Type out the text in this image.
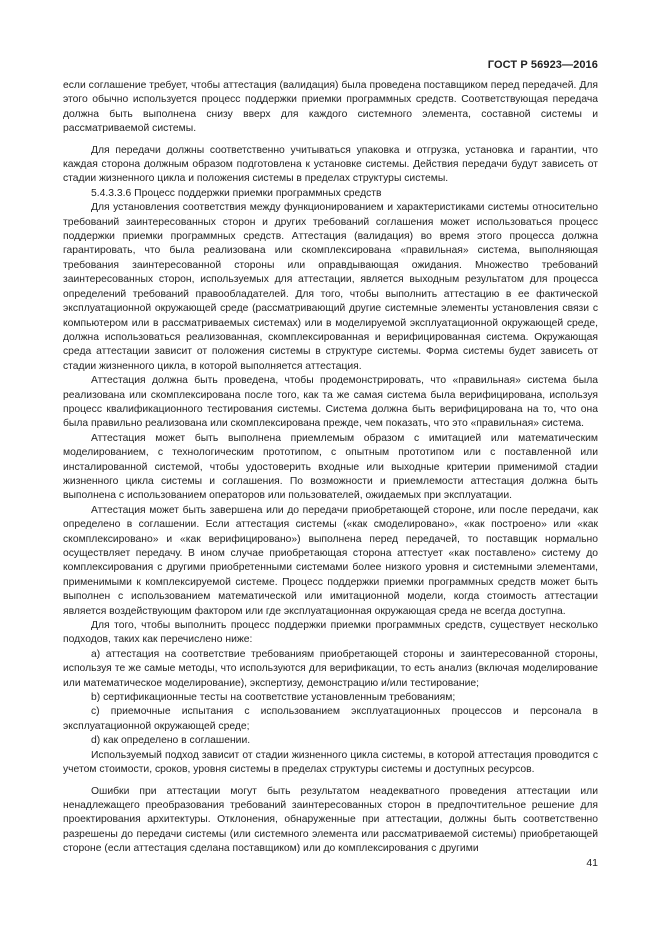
ГОСТ Р 56923—2016

если соглашение требует, чтобы аттестация (валидация) была проведена поставщиком перед передачей. Для этого обычно используется процесс поддержки приемки программных средств. Соответствующая передача должна быть выполнена снизу вверх для каждого системного элемента, составной системы и рассматриваемой системы.

Для передачи должны соответственно учитываться упаковка и отгрузка, установка и гарантии, что каждая сторона должным образом подготовлена к установке системы. Действия передачи будут зависеть от стадии жизненного цикла и положения системы в пределах структуры системы.

5.4.3.3.6 Процесс поддержки приемки программных средств

Для установления соответствия между функционированием и характеристиками системы относительно требований заинтересованных сторон и других требований соглашения может использоваться процесс поддержки приемки программных средств. Аттестация (валидация) во время этого процесса должна гарантировать, что была реализована или скомплексирована «правильная» система, выполняющая требования заинтересованной стороны или оправдывающая ожидания. Множество требований заинтересованных сторон, используемых для аттестации, является выходным результатом для процесса определений требований правообладателей. Для того, чтобы выполнить аттестацию в ее фактической эксплуатационной окружающей среде (рассматривающий другие системные элементы установления связи с компьютером или в рассматриваемых системах) или в моделируемой эксплуатационной окружающей среде, должна использоваться реализованная, скомплексированная и верифицированная система. Окружающая среда аттестации зависит от положения системы в структуре системы. Форма системы будет зависеть от стадии жизненного цикла, в которой выполняется аттестация.

Аттестация должна быть проведена, чтобы продемонстрировать, что «правильная» система была реализована или скомплексирована после того, как та же самая система была верифицирована, используя процесс квалификационного тестирования системы. Система должна быть верифицирована на то, что она была правильно реализована или скомплексирована прежде, чем показать, что это «правильная» система.

Аттестация может быть выполнена приемлемым образом с имитацией или математическим моделированием, с технологическим прототипом, с опытным прототипом или с поставленной или инсталированной системой, чтобы удостоверить входные или выходные критерии применимой стадии жизненного цикла системы и соглашения. По возможности и приемлемости аттестация должна быть выполнена с использованием операторов или пользователей, ожидаемых при эксплуатации.

Аттестация может быть завершена или до передачи приобретающей стороне, или после передачи, как определено в соглашении. Если аттестация системы («как смоделировано», «как построено» или «как скомплексировано» и «как верифицировано») выполнена перед передачей, то поставщик нормально осуществляет передачу. В ином случае приобретающая сторона аттестует «как поставлено» систему до комплексирования с другими приобретенными системами более низкого уровня и системными элементами, применимыми к комплексируемой системе. Процесс поддержки приемки программных средств может быть выполнен с использованием математической или имитационной модели, когда стоимость аттестации является воздействующим фактором или где эксплуатационная окружающая среда не всегда доступна.

Для того, чтобы выполнить процесс поддержки приемки программных средств, существует несколько подходов, таких как перечислено ниже:

a) аттестация на соответствие требованиям приобретающей стороны и заинтересованной стороны, используя те же самые методы, что используются для верификации, то есть анализ (включая моделирование или математическое моделирование), экспертизу, демонстрацию и/или тестирование;

b) сертификационные тесты на соответствие установленным требованиям;

c) приемочные испытания с использованием эксплуатационных процессов и персонала в эксплуатационной окружающей среде;

d) как определено в соглашении.

Используемый подход зависит от стадии жизненного цикла системы, в которой аттестация проводится с учетом стоимости, сроков, уровня системы в пределах структуры системы и доступных ресурсов.

Ошибки при аттестации могут быть результатом неадекватного проведения аттестации или ненадлежащего преобразования требований заинтересованных сторон в предпочтительное решение для проектирования архитектуры. Отклонения, обнаруженные при аттестации, должны быть соответственно разрешены до передачи системы (или системного элемента или рассматриваемой системы) приобретающей стороне (если аттестация сделана поставщиком) или до комплексирования с другими

41
